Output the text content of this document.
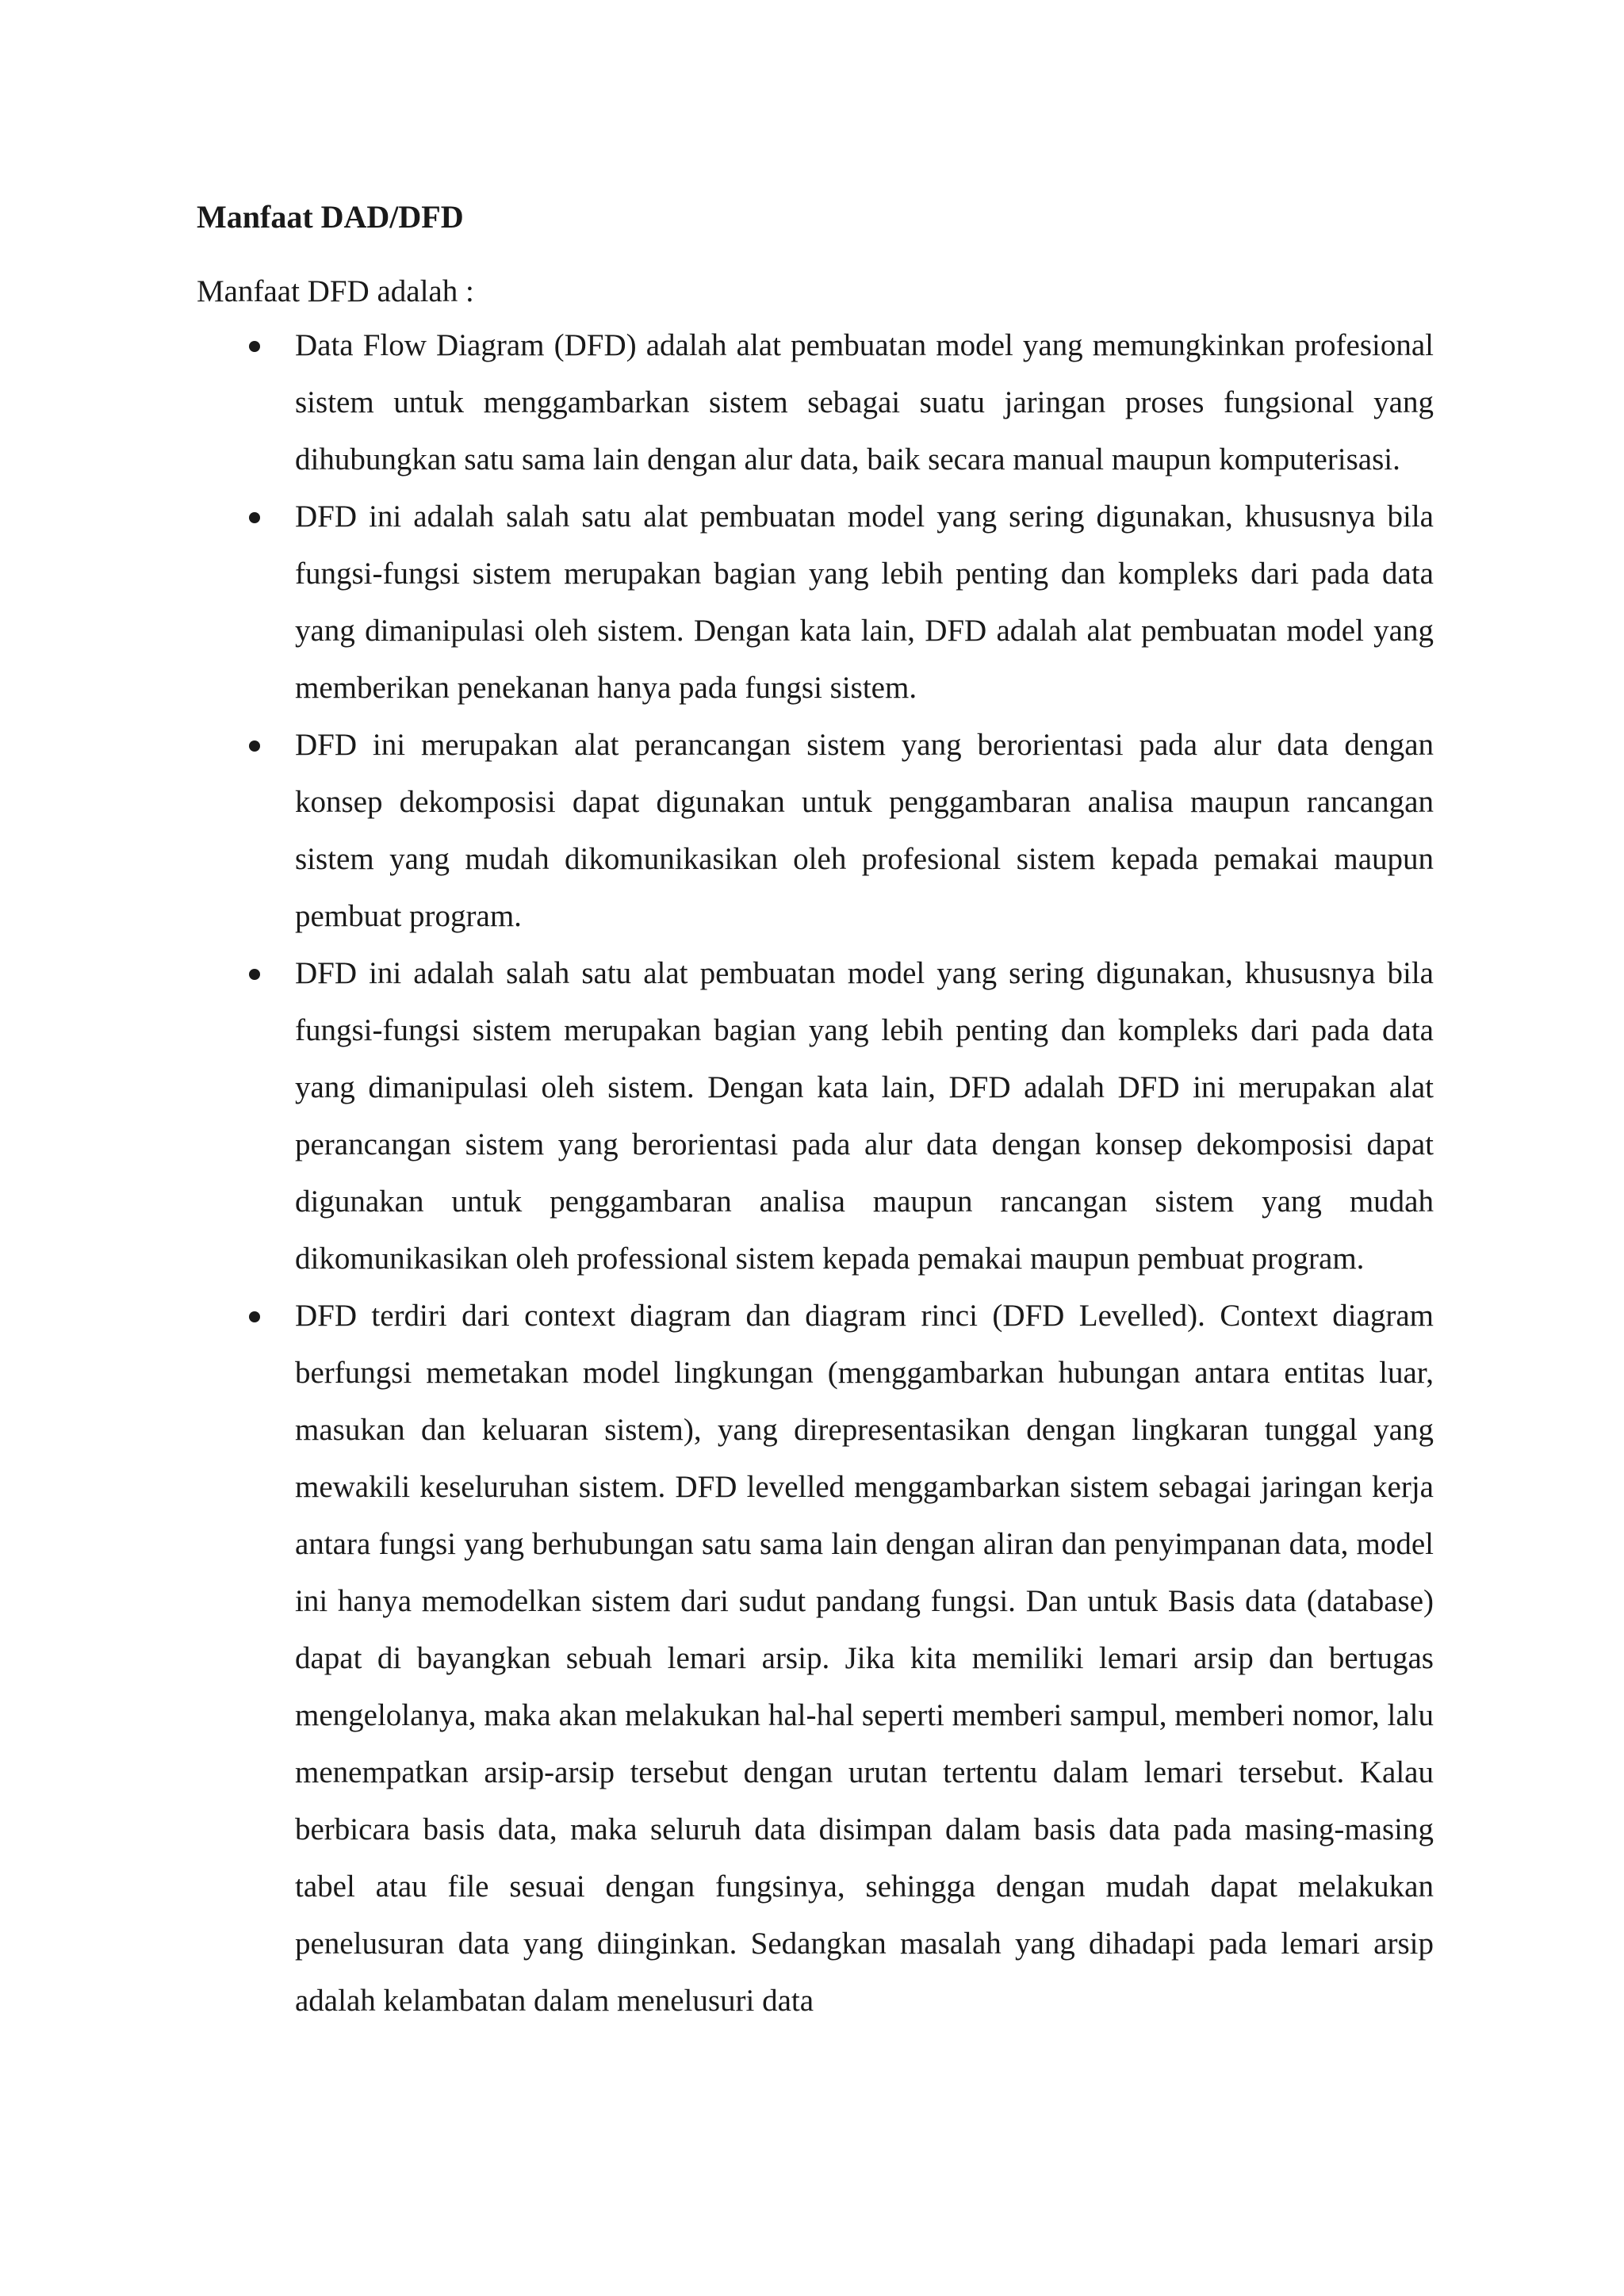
Manfaat DAD/DFD

Manfaat DFD adalah :

Data Flow Diagram (DFD) adalah alat pembuatan model yang memungkinkan profesional sistem untuk menggambarkan sistem sebagai suatu jaringan proses fungsional yang dihubungkan satu sama lain dengan alur data, baik secara manual maupun komputerisasi.
DFD ini adalah salah satu alat pembuatan model yang sering digunakan, khususnya bila fungsi-fungsi sistem merupakan bagian yang lebih penting dan kompleks dari pada data yang dimanipulasi oleh sistem. Dengan kata lain, DFD adalah alat pembuatan model yang memberikan penekanan hanya pada fungsi sistem.
DFD ini merupakan alat perancangan sistem yang berorientasi pada alur data dengan konsep dekomposisi dapat digunakan untuk penggambaran analisa maupun rancangan sistem yang mudah dikomunikasikan oleh profesional sistem kepada pemakai maupun pembuat program.
DFD ini adalah salah satu alat pembuatan model yang sering digunakan, khususnya bila fungsi-fungsi sistem merupakan bagian yang lebih penting dan kompleks dari pada data yang dimanipulasi oleh sistem. Dengan kata lain, DFD adalah DFD ini merupakan alat perancangan sistem yang berorientasi pada alur data dengan konsep dekomposisi dapat digunakan untuk penggambaran analisa maupun rancangan sistem yang mudah dikomunikasikan oleh professional sistem kepada pemakai maupun pembuat program.
DFD terdiri dari context diagram dan diagram rinci (DFD Levelled). Context diagram berfungsi memetakan model lingkungan (menggambarkan hubungan antara entitas luar, masukan dan keluaran sistem), yang direpresentasikan dengan lingkaran tunggal yang mewakili keseluruhan sistem. DFD levelled menggambarkan sistem sebagai jaringan kerja antara fungsi yang berhubungan satu sama lain dengan aliran dan penyimpanan data, model ini hanya memodelkan sistem dari sudut pandang fungsi. Dan untuk Basis data (database) dapat di bayangkan sebuah lemari arsip. Jika kita memiliki lemari arsip dan bertugas mengelolanya, maka akan melakukan hal-hal seperti memberi sampul, memberi nomor, lalu menempatkan arsip-arsip tersebut dengan urutan tertentu dalam lemari tersebut. Kalau berbicara basis data, maka seluruh data disimpan dalam basis data pada masing-masing tabel atau file sesuai dengan fungsinya, sehingga dengan mudah dapat melakukan penelusuran data yang diinginkan. Sedangkan masalah yang dihadapi pada lemari arsip adalah kelambatan dalam menelusuri data
